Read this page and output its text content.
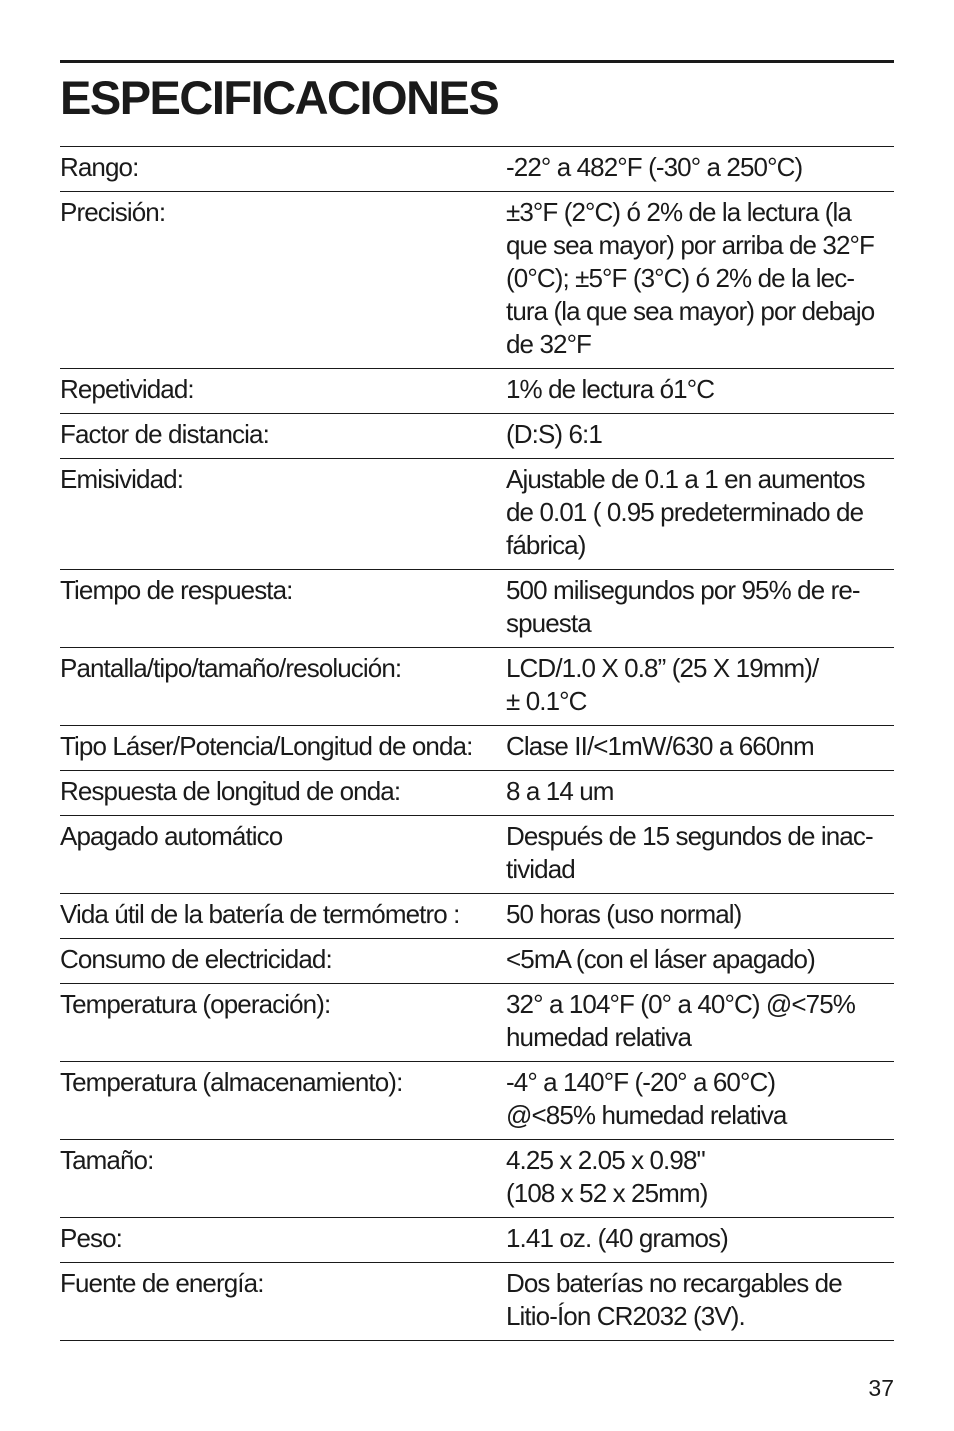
ESPECIFICACIONES
Rango:	-22° a 482°F (-30° a 250°C)
Precisión:	±3°F (2°C) ó 2% de la lectura (la
que sea mayor) por arriba de 32°F
(0°C); ±5°F (3°C) ó 2% de la lec-
tura (la que sea mayor) por debajo
de 32°F
Repetividad:	1% de lectura ó1°C
Factor de distancia:	(D:S) 6:1
Emisividad:	Ajustable de 0.1 a 1 en aumentos
de 0.01 ( 0.95 predeterminado de
fábrica)
Tiempo de respuesta:	500 milisegundos por 95% de re-
spuesta
Pantalla/tipo/tamaño/resolución:	LCD/1.0 X 0.8” (25 X 19mm)/
± 0.1°C
Tipo Láser/Potencia/Longitud de onda:	Clase II/<1mW/630 a 660nm
Respuesta de longitud de onda:	8 a 14 um
Apagado automático	Después de 15 segundos de inac-
tividad
Vida útil de la batería de termómetro :	50 horas (uso normal)
Consumo de electricidad:	<5mA (con el láser apagado)
Temperatura (operación):	32° a 104°F (0° a 40°C) @<75%
humedad relativa
Temperatura (almacenamiento):	-4° a 140°F (-20° a 60°C)
@<85% humedad relativa
Tamaño:	4.25 x 2.05 x 0.98"
(108 x 52 x 25mm)
Peso:	1.41 oz. (40 gramos)
Fuente de energía:	Dos baterías no recargables de
Litio-Íon CR2032 (3V).
37
